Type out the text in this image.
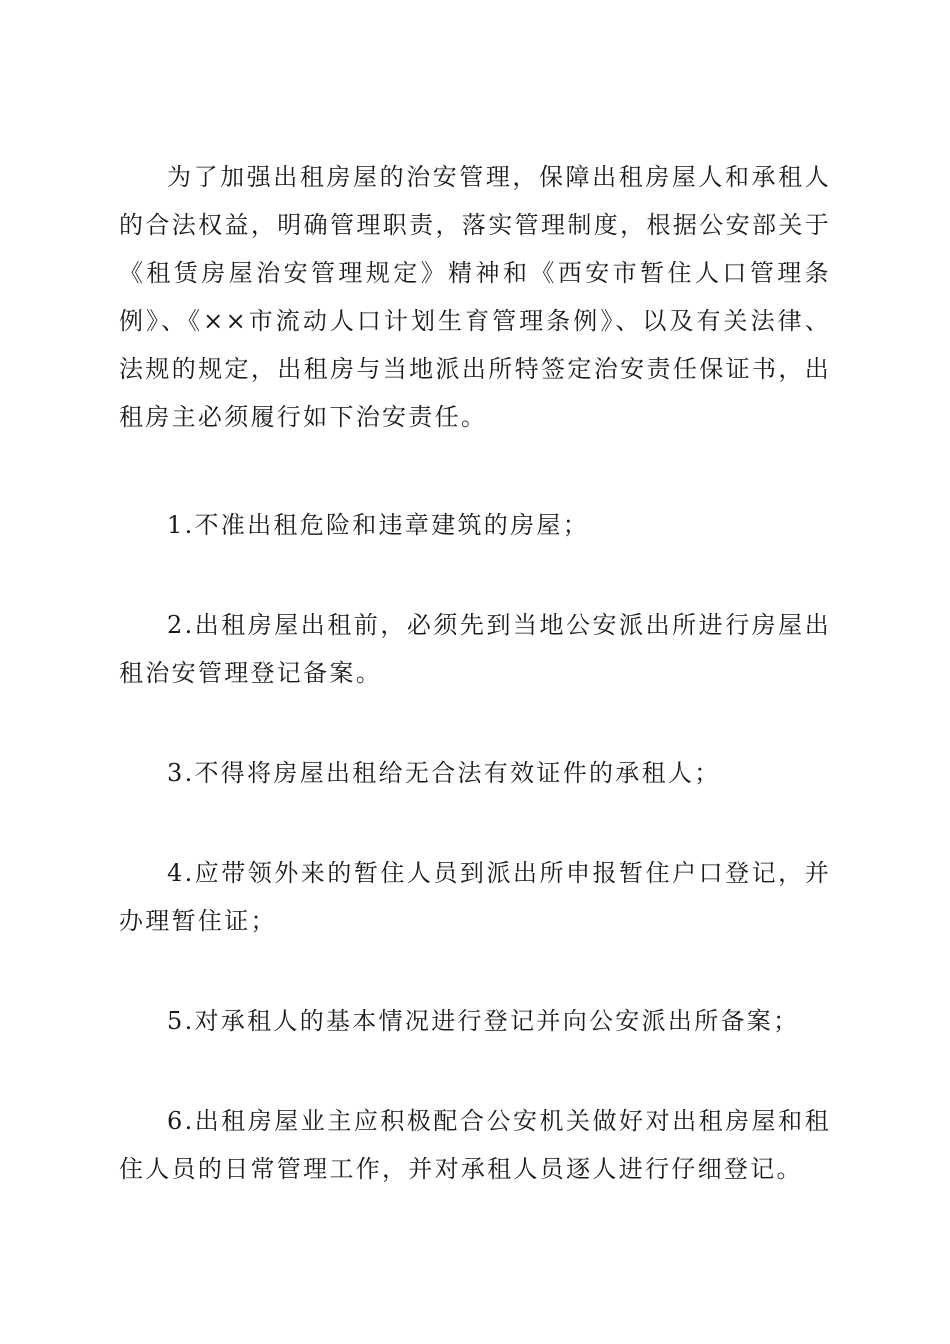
为了加强出租房屋的治安管理，保障出租房屋人和承租人的合法权益，明确管理职责，落实管理制度，根据公安部关于《租赁房屋治安管理规定》精神和《西安市暂住人口管理条例》、《××市流动人口计划生育管理条例》、以及有关法律、法规的规定，出租房与当地派出所特签定治安责任保证书，出租房主必须履行如下治安责任。

1.不准出租危险和违章建筑的房屋；

2.出租房屋出租前，必须先到当地公安派出所进行房屋出租治安管理登记备案。

3.不得将房屋出租给无合法有效证件的承租人；

4.应带领外来的暂住人员到派出所申报暂住户口登记，并办理暂住证；

5.对承租人的基本情况进行登记并向公安派出所备案；

6.出租房屋业主应积极配合公安机关做好对出租房屋和租住人员的日常管理工作，并对承租人员逐人进行仔细登记。
